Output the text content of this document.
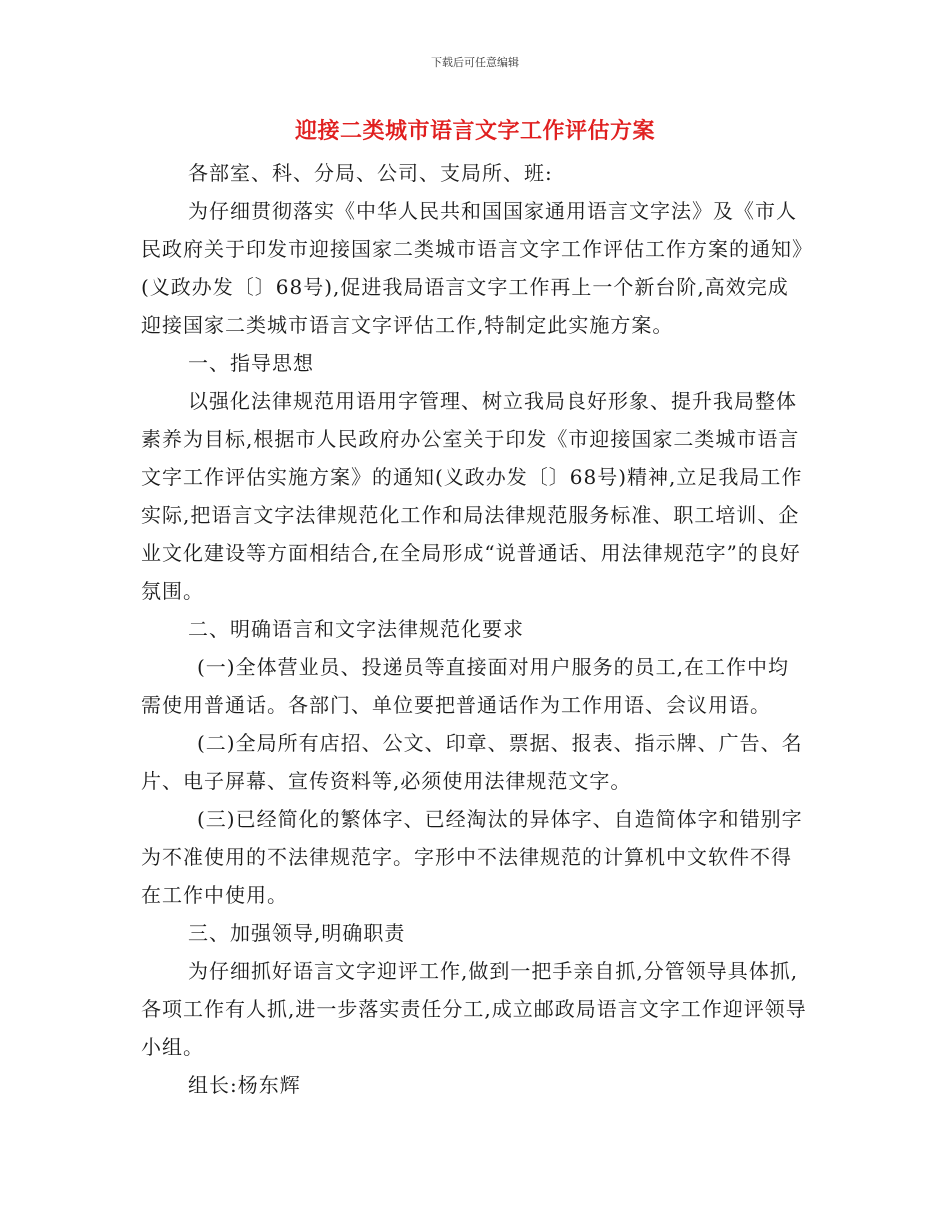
下载后可任意编辑
迎接二类城市语言文字工作评估方案

各部室、科、分局、公司、支局所、班:

为仔细贯彻落实《中华人民共和国国家通用语言文字法》及《市人民政府关于印发市迎接国家二类城市语言文字工作评估工作方案的通知》(义政办发〔〕68号),促进我局语言文字工作再上一个新台阶,高效完成迎接国家二类城市语言文字评估工作,特制定此实施方案。

一、指导思想

以强化法律规范用语用字管理、树立我局良好形象、提升我局整体素养为目标,根据市人民政府办公室关于印发《市迎接国家二类城市语言文字工作评估实施方案》的通知(义政办发〔〕68号)精神,立足我局工作实际,把语言文字法律规范化工作和局法律规范服务标准、职工培训、企业文化建设等方面相结合,在全局形成“说普通话、用法律规范字”的良好氛围。

二、明确语言和文字法律规范化要求

(一)全体营业员、投递员等直接面对用户服务的员工,在工作中均需使用普通话。各部门、单位要把普通话作为工作用语、会议用语。

(二)全局所有店招、公文、印章、票据、报表、指示牌、广告、名片、电子屏幕、宣传资料等,必须使用法律规范文字。

(三)已经简化的繁体字、已经淘汰的异体字、自造简体字和错别字为不准使用的不法律规范字。字形中不法律规范的计算机中文软件不得在工作中使用。

三、加强领导,明确职责

为仔细抓好语言文字迎评工作,做到一把手亲自抓,分管领导具体抓,各项工作有人抓,进一步落实责任分工,成立邮政局语言文字工作迎评领导小组。

组长:杨东辉
